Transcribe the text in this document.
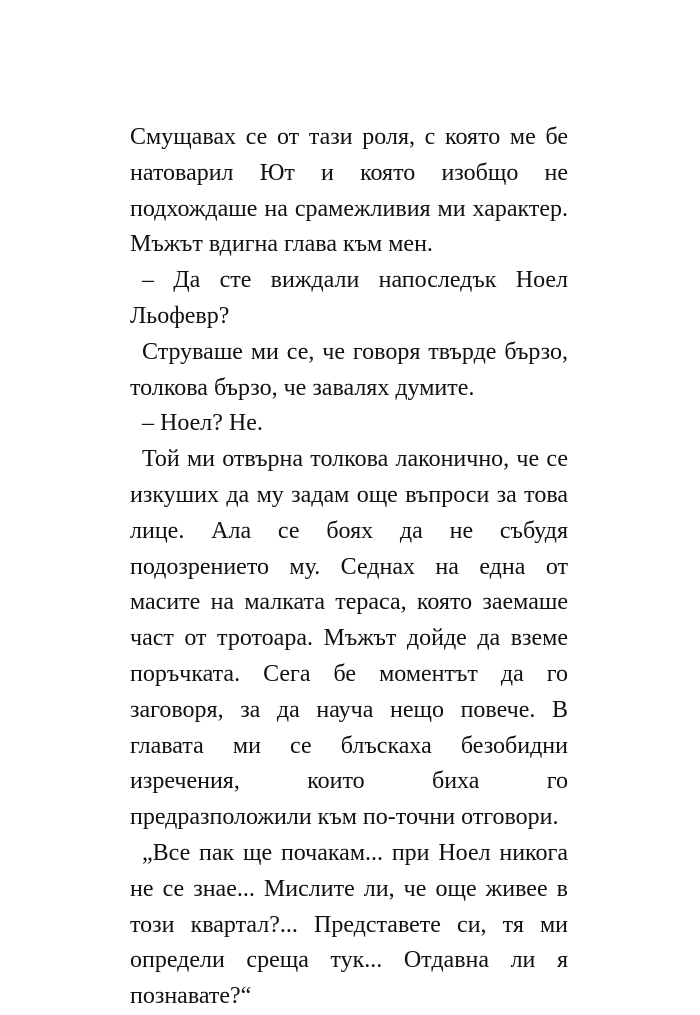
Смущавах се от тази роля, с която ме бе натоварил Ют и която изобщо не подхождаше на срамежливия ми характер. Мъжът вдигна глава към мен.

– Да сте виждали напоследък Ноел Льофевр?

Струваше ми се, че говоря твърде бързо, толкова бързо, че завалях думите.

– Ноел? Не.

Той ми отвърна толкова лаконично, че се изкуших да му задам още въпроси за това лице. Ала се боях да не събудя подозрението му. Седнах на една от масите на малката тераса, която заемаше част от тротоара. Мъжът дойде да вземе поръчката. Сега бе моментът да го заговоря, за да науча нещо повече. В главата ми се блъскаха безобидни изречения, които биха го предразположили към по-точни отговори.

„Все пак ще почакам... при Ноел никога не се знае... Мислите ли, че още живее в този квартал?... Представете си, тя ми определи среща тук... Отдавна ли я познавате?“
